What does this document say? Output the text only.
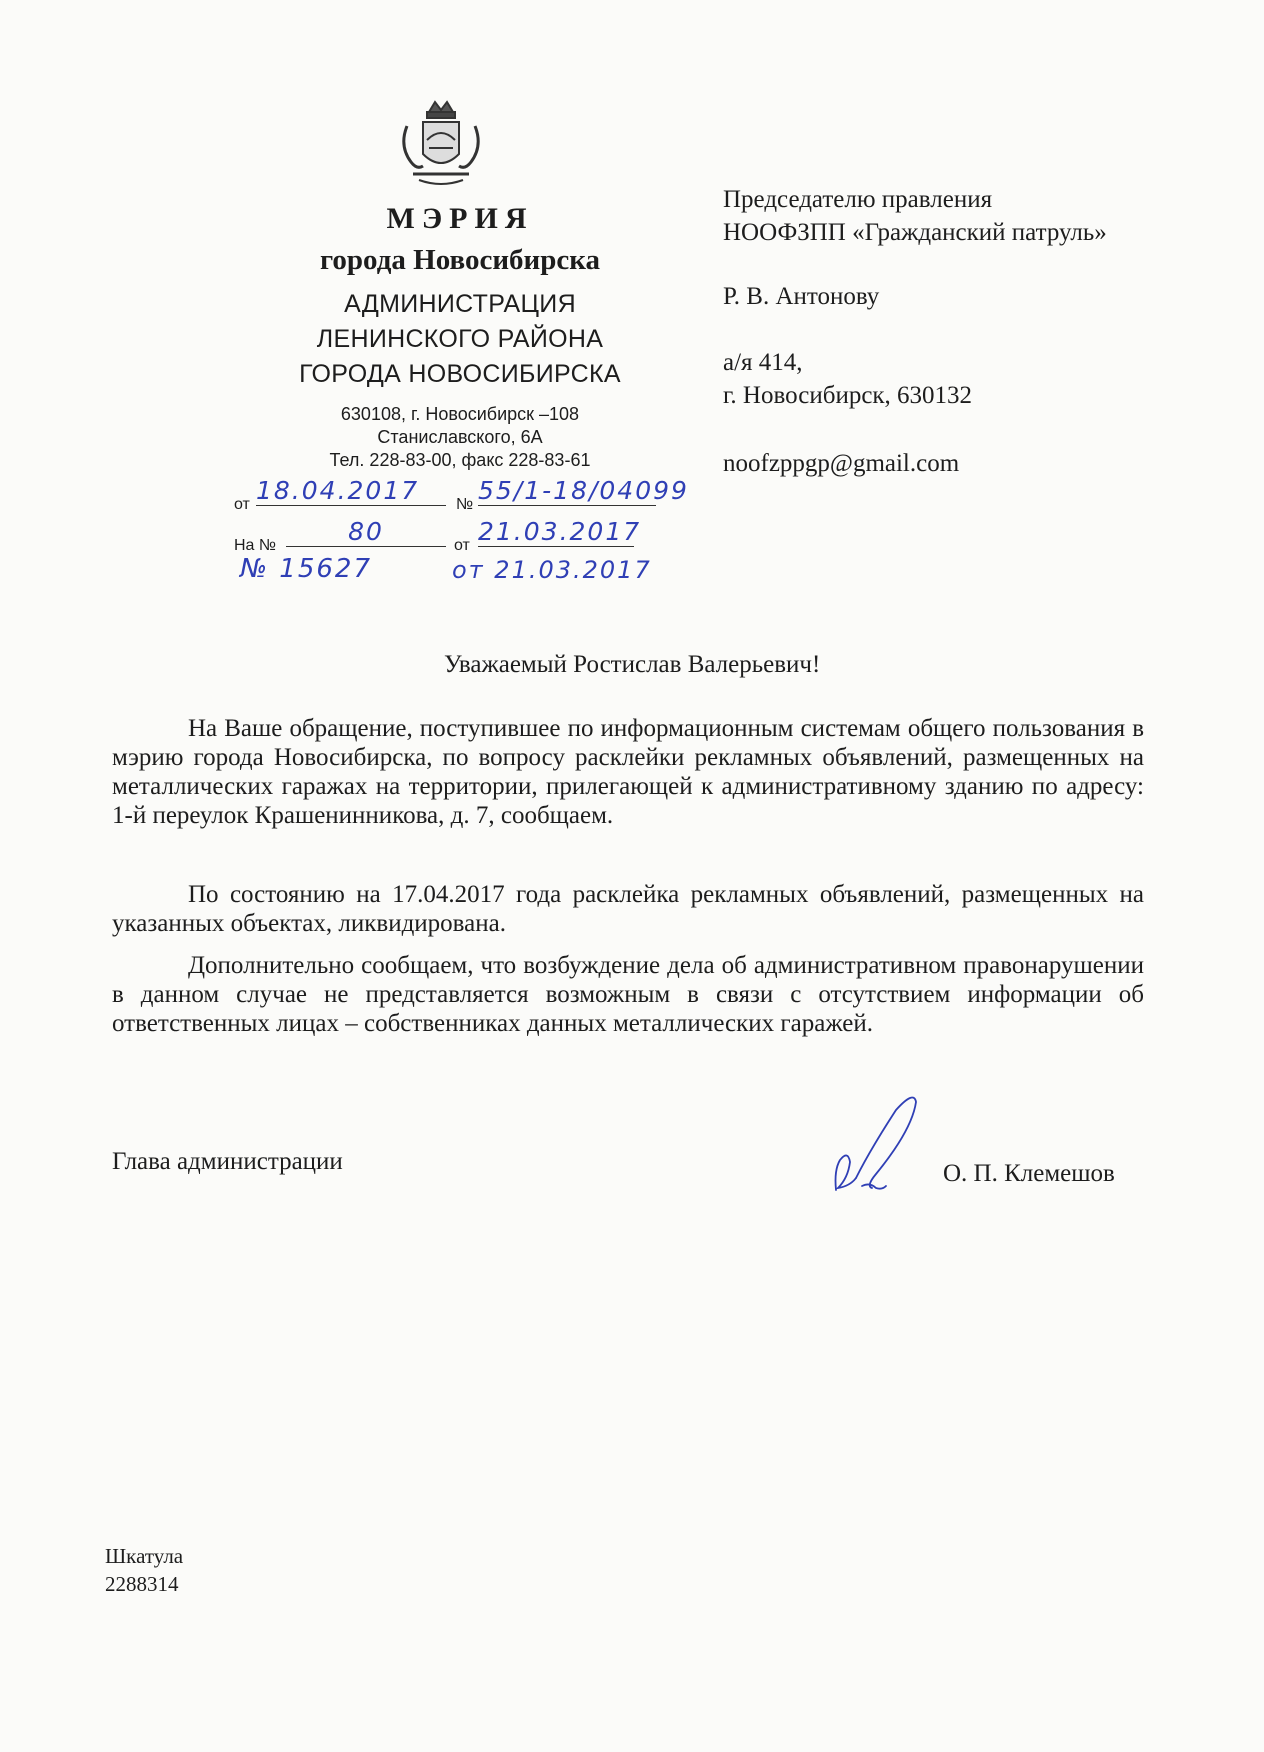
МЭРИЯ
города Новосибирска
АДМИНИСТРАЦИЯ
ЛЕНИНСКОГО РАЙОНА
ГОРОДА НОВОСИБИРСКА
630108, г. Новосибирск –108
Станиславского, 6А
Тел. 228-83-00, факс 228-83-61
от 18.04.2017	№ 55/1-18/04099
На №	80	от 21.03.2017
№ 15627	от 21.03.2017
Председателю правления
НООФЗПП «Гражданский патруль»
Р. В. Антонову
а/я 414,
г. Новосибирск, 630132
noofzppgp@gmail.com
Уважаемый Ростислав Валерьевич!
На Ваше обращение, поступившее по информационным системам общего пользования в мэрию города Новосибирска, по вопросу расклейки рекламных объявлений, размещенных на металлических гаражах на территории, прилегающей к административному зданию по адресу: 1-й переулок Крашенинникова, д. 7, сообщаем.
По состоянию на 17.04.2017 года расклейка рекламных объявлений, размещенных на указанных объектах, ликвидирована.
Дополнительно сообщаем, что возбуждение дела об административном правонарушении в данном случае не представляется возможным в связи с отсутствием информации об ответственных лицах – собственниках данных металлических гаражей.
Глава администрации	О. П. Клемешов
Шкатула
2288314
